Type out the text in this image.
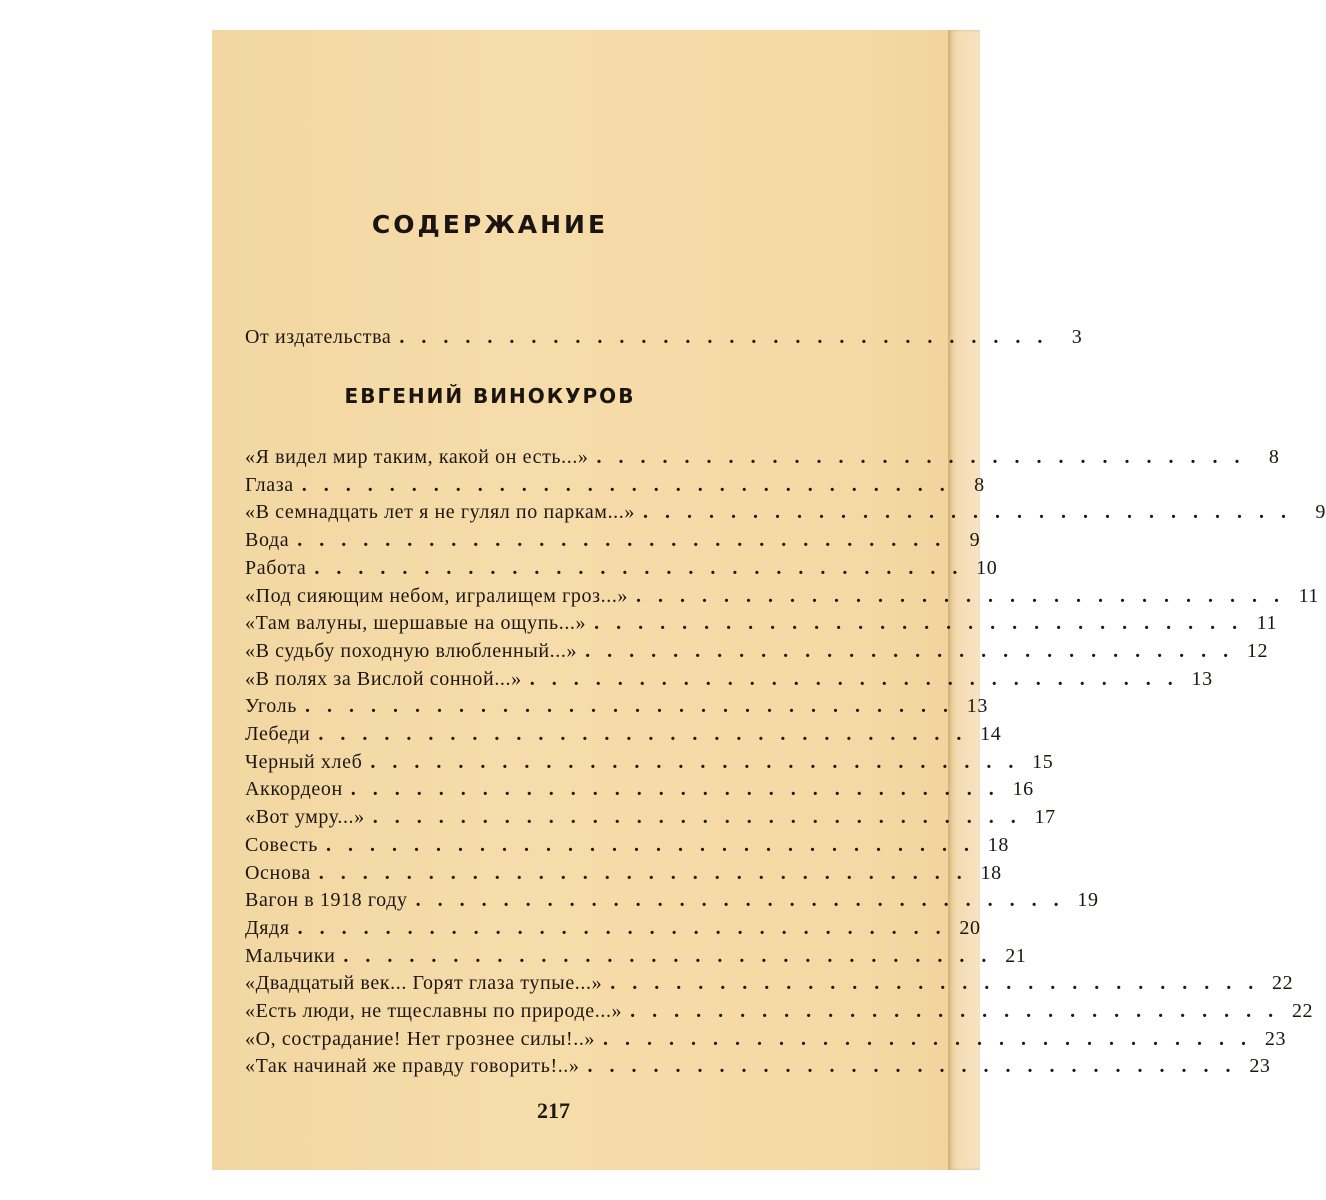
СОДЕРЖАНИЕ
От издательства . . . . . . . . . . . . . . . . . . . . . . . . . . . . . .	3
ЕВГЕНИЙ ВИНОКУРОВ
«Я видел мир таким, какой он есть...» . . . . . . . . . . . . . . . . . . . . . . . . . . . . . .	8
Глаза . . . . . . . . . . . . . . . . . . . . . . . . . . . . . .	8
«В семнадцать лет я не гулял по паркам...» . . . . . . . . . . . . . . . . . . . . . . . . . . . . . .	9
Вода . . . . . . . . . . . . . . . . . . . . . . . . . . . . . .	9
Работа . . . . . . . . . . . . . . . . . . . . . . . . . . . . . . 10
«Под сияющим небом, игралищем гроз...» . . . . . . . . . . . . . . . . . . . . . . . . . . . . . . 11
«Там валуны, шершавые на ощупь...» . . . . . . . . . . . . . . . . . . . . . . . . . . . . . . 11
«В судьбу походную влюбленный...» . . . . . . . . . . . . . . . . . . . . . . . . . . . . . . 12
«В полях за Вислой сонной...» . . . . . . . . . . . . . . . . . . . . . . . . . . . . . . 13
Уголь . . . . . . . . . . . . . . . . . . . . . . . . . . . . . . 13
Лебеди . . . . . . . . . . . . . . . . . . . . . . . . . . . . . . 14
Черный хлеб . . . . . . . . . . . . . . . . . . . . . . . . . . . . . . 15
Аккордеон . . . . . . . . . . . . . . . . . . . . . . . . . . . . . . 16
«Вот умру...» . . . . . . . . . . . . . . . . . . . . . . . . . . . . . . 17
Совесть . . . . . . . . . . . . . . . . . . . . . . . . . . . . . . 18
Основа . . . . . . . . . . . . . . . . . . . . . . . . . . . . . . 18
Вагон в 1918 году . . . . . . . . . . . . . . . . . . . . . . . . . . . . . . 19
Дядя . . . . . . . . . . . . . . . . . . . . . . . . . . . . . . 20
Мальчики . . . . . . . . . . . . . . . . . . . . . . . . . . . . . . 21
«Двадцатый век... Горят глаза тупые...» . . . . . . . . . . . . . . . . . . . . . . . . . . . . . . 22
«Есть люди, не тщеславны по природе...» . . . . . . . . . . . . . . . . . . . . . . . . . . . . . . 22
«О, сострадание! Нет грознее силы!..» . . . . . . . . . . . . . . . . . . . . . . . . . . . . . . 23
«Так начинай же правду говорить!..» . . . . . . . . . . . . . . . . . . . . . . . . . . . . . . 23
217
